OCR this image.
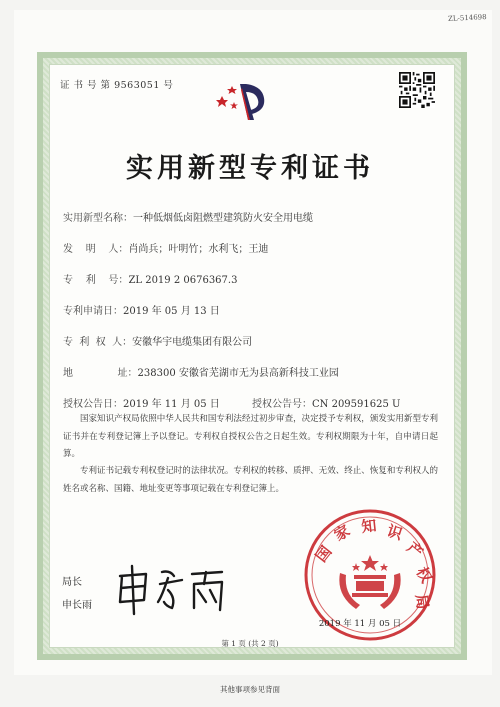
ZL-514698
证 书 号 第 9563051 号
实用新型专利证书
实用新型名称：一种低烟低卤阻燃型建筑防火安全用电缆
发    明    人：肖尚兵；叶明竹；水利飞；王迪
专    利    号：ZL 2019 2 0676367.3
专利申请日：2019 年 05 月 13 日
专  利  权  人：安徽华宇电缆集团有限公司
地              址：238300 安徽省芜湖市无为县高新科技工业园
授权公告日：2019 年 11 月 05 日	授权公告号：CN 209591625 U
国家知识产权局依照中华人民共和国专利法经过初步审查，决定授予专利权，颁发实用新型专利证书并在专利登记簿上予以登记。专利权自授权公告之日起生效。专利权期限为十年，自申请日起算。
专利证书记载专利权登记时的法律状况。专利权的转移、质押、无效、终止、恢复和专利权人的姓名或名称、国籍、地址变更等事项记载在专利登记簿上。
局长
申长雨
国
家 知 识
产
权
局
2019 年 11 月 05 日
第 1 页 (共 2 页)
其他事项参见背面
